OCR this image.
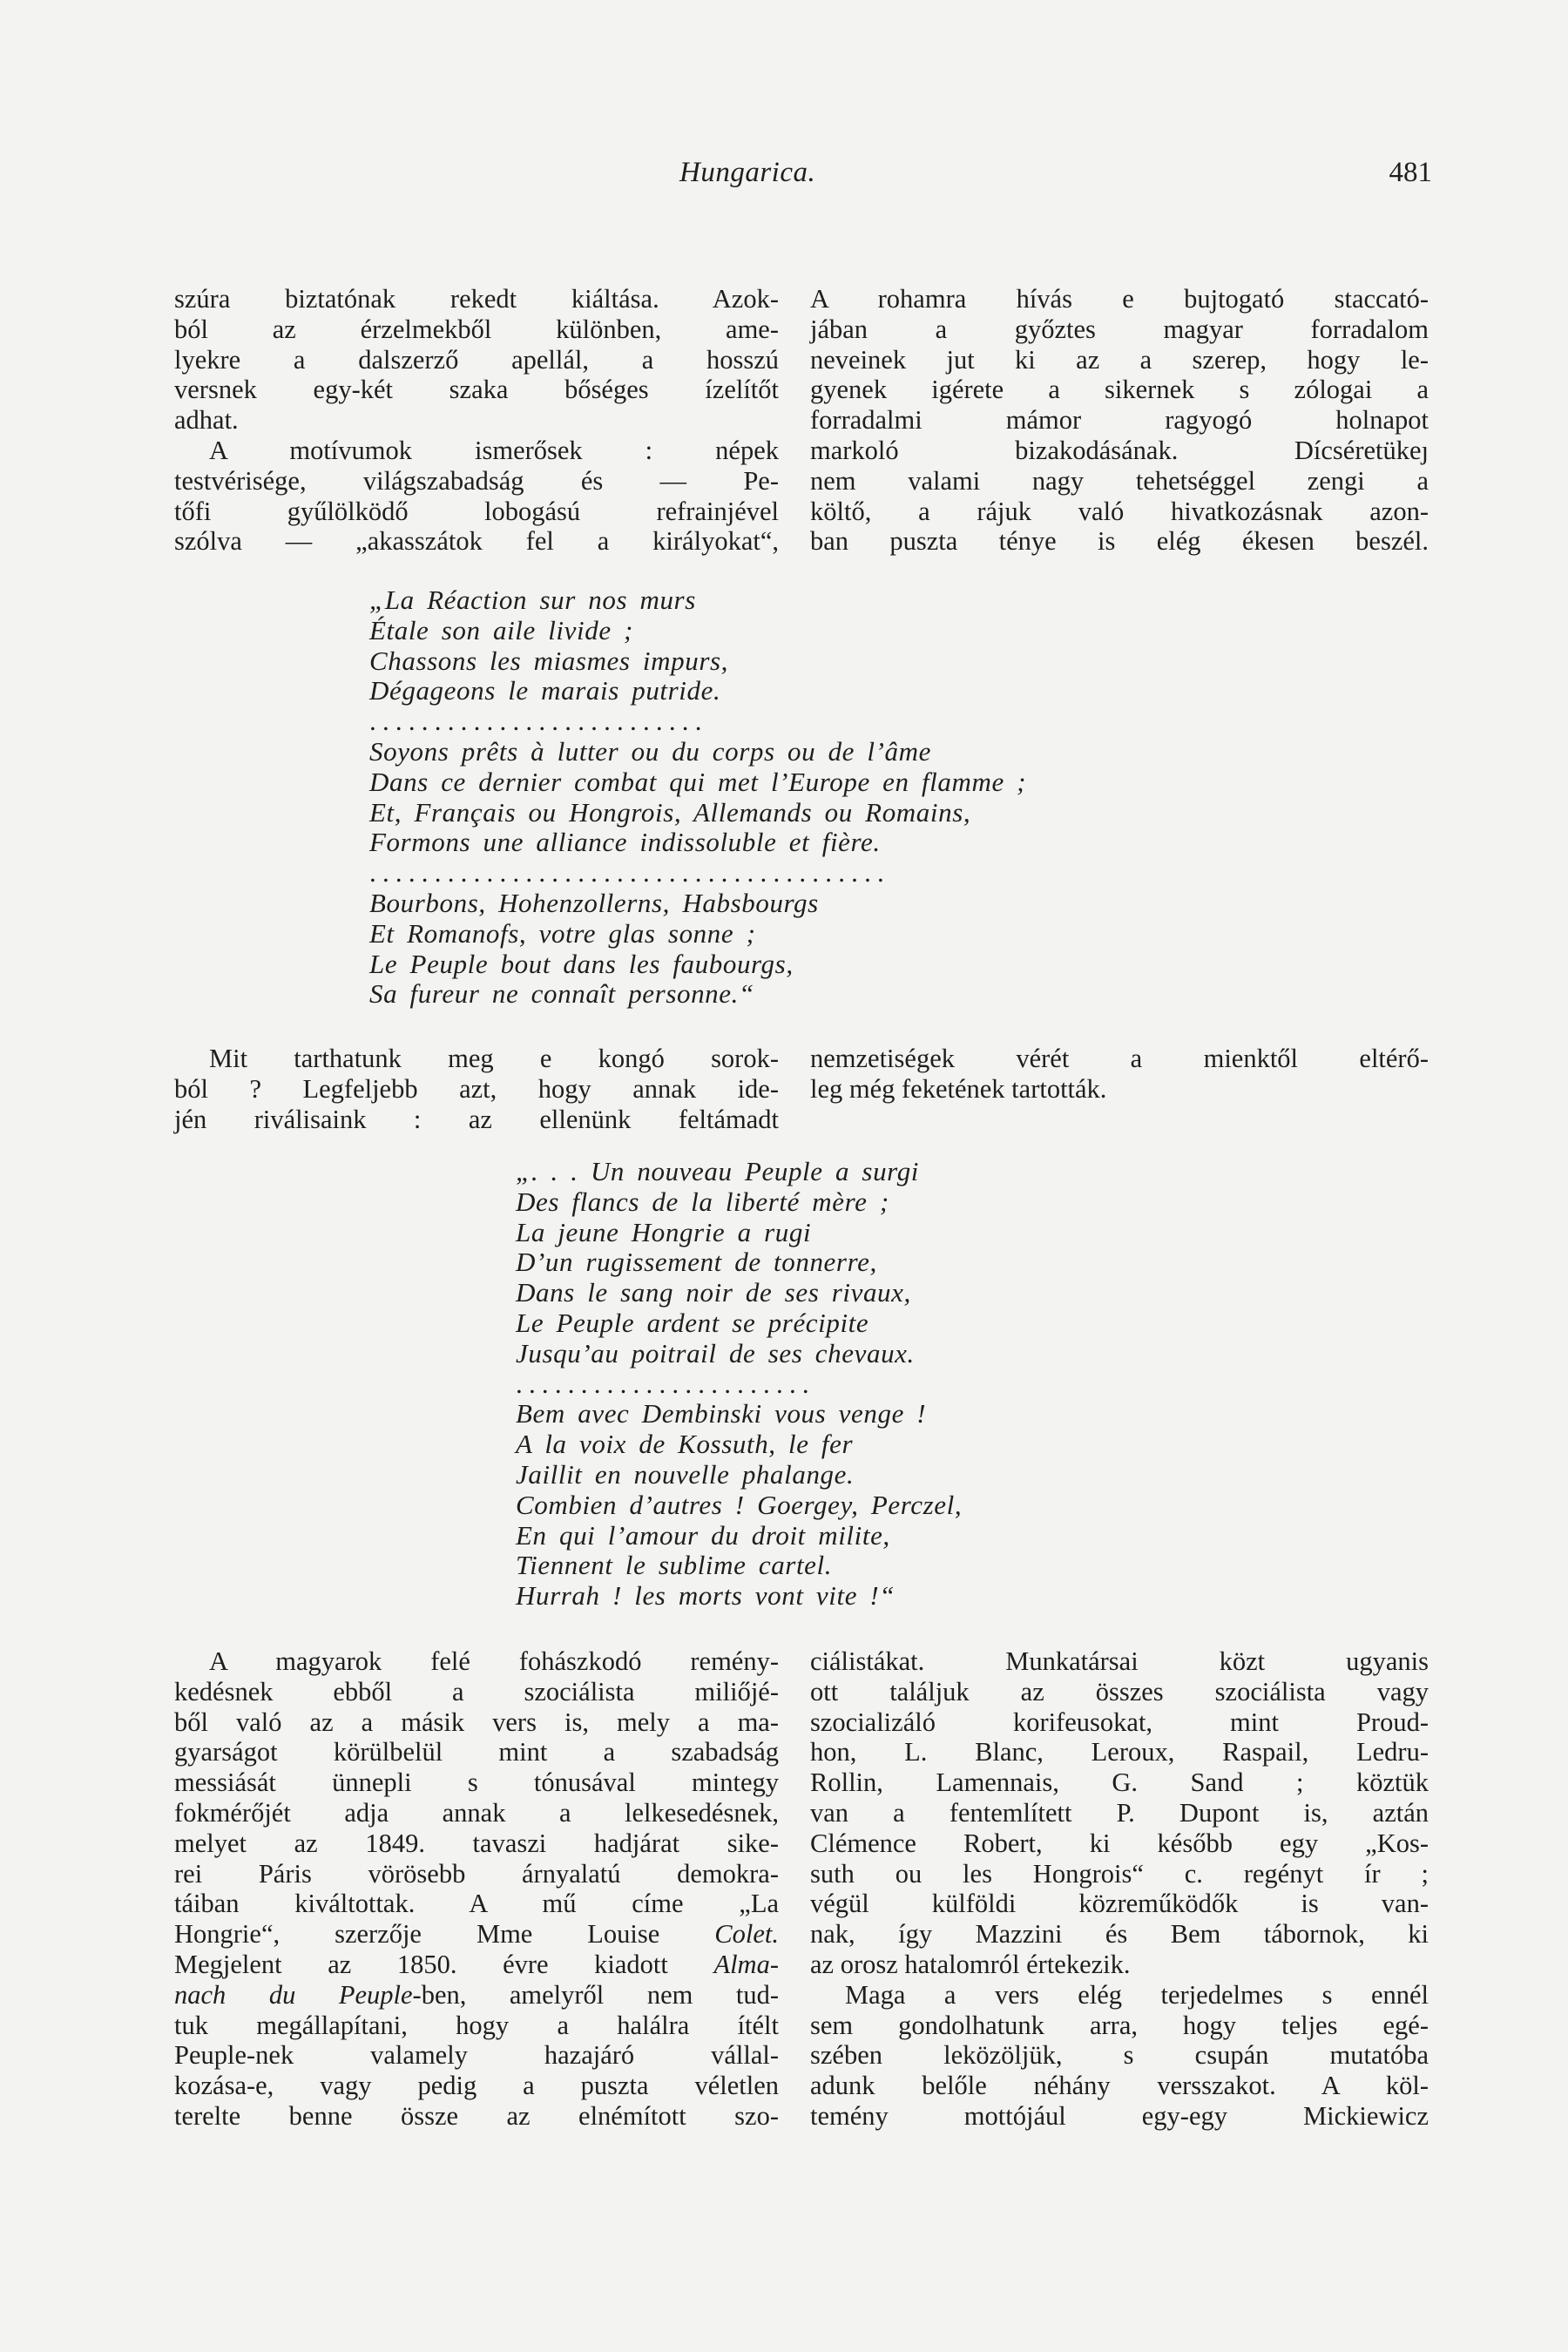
Hungarica.	481
szúra biztatónak rekedt kiáltása. Azok-
ból az érzelmekből különben, ame-
lyekre a dalszerző apellál, a hosszú
versnek egy-két szaka bőséges ízelítőt
adhat.
A motívumok ismerősek : népek
testvérisége, világszabadság és — Pe-
tőfi gyűlölködő lobogású refrainjével
szólva — „akasszátok fel a királyokat“,
A rohamra hívás e bujtogató staccató-
jában a győztes magyar forradalom
neveinek jut ki az a szerep, hogy le-
gyenek igérete a sikernek s zólogai a
forradalmi mámor ragyogó holnapot
markoló bizakodásának. Dícséretükeȷ
nem valami nagy tehetséggel zengi a
költő, a rájuk való hivatkozásnak azon-
ban puszta ténye is elég ékesen beszél.
„La Réaction sur nos murs
Étale son aile livide ;
Chassons les miasmes impurs,
Dégageons le marais putride.
..........................
Soyons prêts à lutter ou du corps ou de l’âme
Dans ce dernier combat qui met l’Europe en flamme ;
Et, Français ou Hongrois, Allemands ou Romains,
Formons une alliance indissoluble et fière.
........................................
Bourbons, Hohenzollerns, Habsbourgs
Et Romanofs, votre glas sonne ;
Le Peuple bout dans les faubourgs,
Sa fureur ne connaît personne.“
Mit tarthatunk meg e kongó sorok-
ból ? Legfeljebb azt, hogy annak ide-
jén riválisaink : az ellenünk feltámadt
nemzetiségek vérét a mienktől eltérő-
leg még feketének tartották.
„. . . Un nouveau Peuple a surgi
Des flancs de la liberté mère ;
La jeune Hongrie a rugi
D’un rugissement de tonnerre,
Dans le sang noir de ses rivaux,
Le Peuple ardent se précipite
Jusqu’au poitrail de ses chevaux.
.......................
Bem avec Dembinski vous venge !
A la voix de Kossuth, le fer
Jaillit en nouvelle phalange.
Combien d’autres ! Goergey, Perczel,
En qui l’amour du droit milite,
Tiennent le sublime cartel.
Hurrah ! les morts vont vite !“
A magyarok felé fohászkodó remény-
kedésnek ebből a szociálista miliőjé-
ből való az a másik vers is, mely a ma-
gyarságot körülbelül mint a szabadság
messiását ünnepli s tónusával mintegy
fokmérőjét adja annak a lelkesedésnek,
melyet az 1849. tavaszi hadjárat sike-
rei Páris vörösebb árnyalatú demokra-
táiban kiváltottak. A mű címe „La
Hongrie“, szerzője Mme Louise Colet.
Megjelent az 1850. évre kiadott Alma-
nach du Peuple-ben, amelyről nem tud-
tuk megállapítani, hogy a halálra ítélt
Peuple-nek valamely hazajáró vállal-
kozása-e, vagy pedig a puszta véletlen
terelte benne össze az elnémított szo-
ciálistákat. Munkatársai közt ugyanis
ott találjuk az összes szociálista vagy
szocializáló korifeusokat, mint Proud-
hon, L. Blanc, Leroux, Raspail, Ledru-
Rollin, Lamennais, G. Sand ; köztük
van a fentemlített P. Dupont is, aztán
Clémence Robert, ki később egy „Kos-
suth ou les Hongrois“ c. regényt ír ;
végül külföldi közreműködők is van-
nak, így Mazzini és Bem tábornok, ki
az orosz hatalomról értekezik.
Maga a vers elég terjedelmes s ennél
sem gondolhatunk arra, hogy teljes egé-
szében leközöljük, s csupán mutatóba
adunk belőle néhány versszakot. A köl-
temény mottójául egy-egy Mickiewicz
